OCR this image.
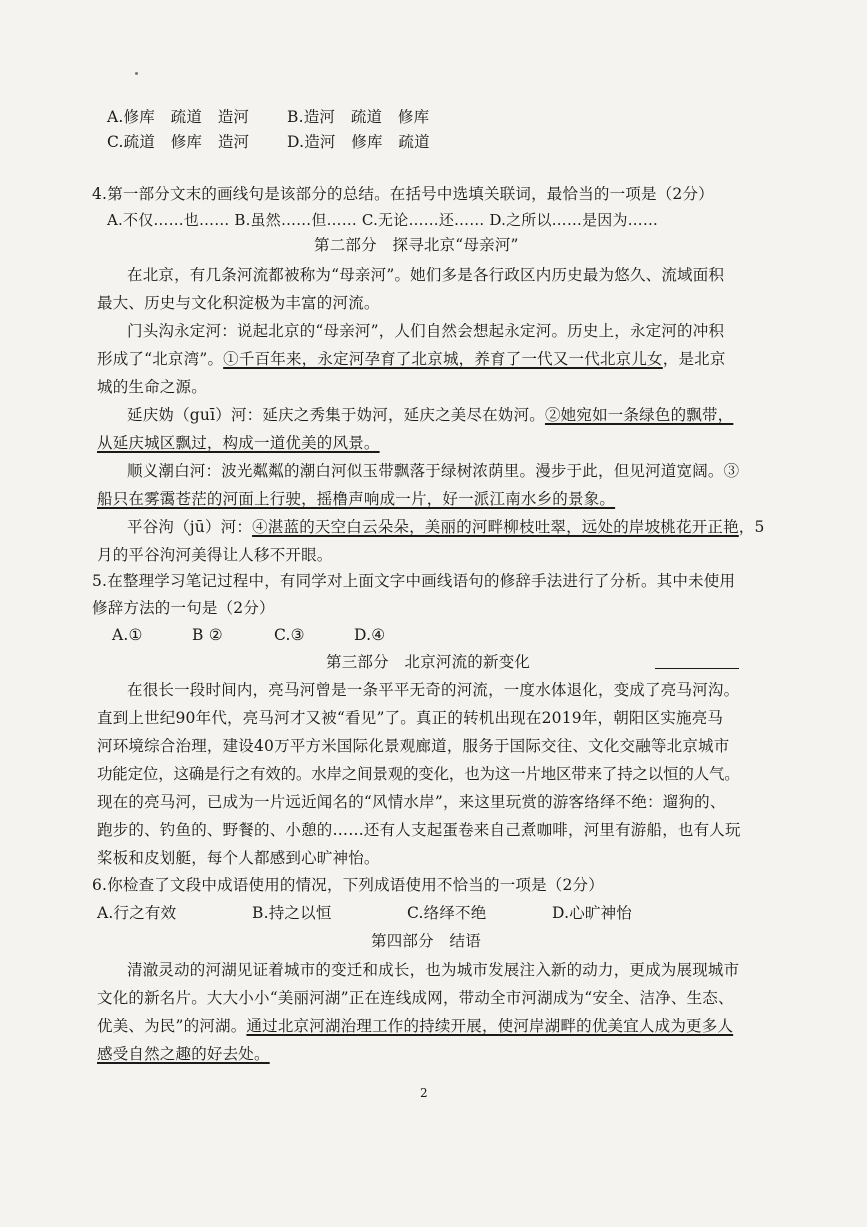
A.修库　疏道　造河 B.造河　疏道　修库
C.疏道　修库　造河 D.造河　修库　疏道
4.第一部分文末的画线句是该部分的总结。在括号中选填关联词，最恰当的一项是（2分）
A.不仅……也…… B.虽然……但…… C.无论……还…… D.之所以……是因为……
第二部分　探寻北京“母亲河”
在北京，有几条河流都被称为“母亲河”。她们多是各行政区内历史最为悠久、流域面积
最大、历史与文化积淀极为丰富的河流。
门头沟永定河：说起北京的“母亲河”，人们自然会想起永定河。历史上，永定河的冲积
形成了“北京湾”。①千百年来，永定河孕育了北京城，养育了一代又一代北京儿女，是北京
城的生命之源。
延庆妫（guī）河：延庆之秀集于妫河，延庆之美尽在妫河。②她宛如一条绿色的飘带，
从延庆城区飘过，构成一道优美的风景。
顺义潮白河：波光粼粼的潮白河似玉带飘落于绿树浓荫里。漫步于此，但见河道宽阔。③
船只在雾霭苍茫的河面上行驶，摇橹声响成一片，好一派江南水乡的景象。
平谷泃（jū）河：④湛蓝的天空白云朵朵，美丽的河畔柳枝吐翠，远处的岸坡桃花开正艳，5
月的平谷泃河美得让人移不开眼。
5.在整理学习笔记过程中，有同学对上面文字中画线语句的修辞手法进行了分析。其中未使用
修辞方法的一句是（2分）
A.①	B ②	C.③	D.④
第三部分　北京河流的新变化
在很长一段时间内，亮马河曾是一条平平无奇的河流，一度水体退化，变成了亮马河沟。
直到上世纪90年代，亮马河才又被“看见”了。真正的转机出现在2019年，朝阳区实施亮马
河环境综合治理，建设40万平方米国际化景观廊道，服务于国际交往、文化交融等北京城市
功能定位，这确是行之有效的。水岸之间景观的变化，也为这一片地区带来了持之以恒的人气。
现在的亮马河，已成为一片远近闻名的“风情水岸”，来这里玩赏的游客络绎不绝：遛狗的、
跑步的、钓鱼的、野餐的、小憩的……还有人支起蛋卷来自己煮咖啡，河里有游船，也有人玩
桨板和皮划艇，每个人都感到心旷神怡。
6.你检查了文段中成语使用的情况，下列成语使用不恰当的一项是（2分）
A.行之有效	B.持之以恒	C.络绎不绝	D.心旷神怡
第四部分　结语
清澈灵动的河湖见证着城市的变迁和成长，也为城市发展注入新的动力，更成为展现城市
文化的新名片。大大小小“美丽河湖”正在连线成网，带动全市河湖成为“安全、洁净、生态、
优美、为民”的河湖。通过北京河湖治理工作的持续开展，使河岸湖畔的优美宜人成为更多人
感受自然之趣的好去处。
2
